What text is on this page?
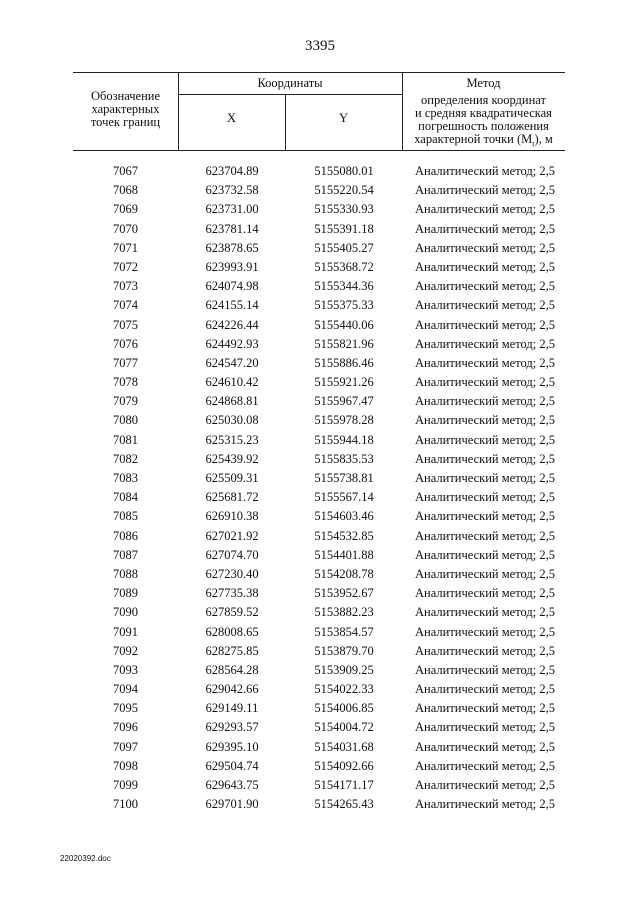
3395
Обозначение
характерных
точек границ
Координаты
X	Y
Метод
определения координат
и средняя квадратическая
погрешность положения
характерной точки $(M_t)$, м
7067	623704.89	5155080.01	Аналитический метод; 2,5
7068	623732.58	5155220.54	Аналитический метод; 2,5
7069	623731.00	5155330.93	Аналитический метод; 2,5
7070	623781.14	5155391.18	Аналитический метод; 2,5
7071	623878.65	5155405.27	Аналитический метод; 2,5
7072	623993.91	5155368.72	Аналитический метод; 2,5
7073	624074.98	5155344.36	Аналитический метод; 2,5
7074	624155.14	5155375.33	Аналитический метод; 2,5
7075	624226.44	5155440.06	Аналитический метод; 2,5
7076	624492.93	5155821.96	Аналитический метод; 2,5
7077	624547.20	5155886.46	Аналитический метод; 2,5
7078	624610.42	5155921.26	Аналитический метод; 2,5
7079	624868.81	5155967.47	Аналитический метод; 2,5
7080	625030.08	5155978.28	Аналитический метод; 2,5
7081	625315.23	5155944.18	Аналитический метод; 2,5
7082	625439.92	5155835.53	Аналитический метод; 2,5
7083	625509.31	5155738.81	Аналитический метод; 2,5
7084	625681.72	5155567.14	Аналитический метод; 2,5
7085	626910.38	5154603.46	Аналитический метод; 2,5
7086	627021.92	5154532.85	Аналитический метод; 2,5
7087	627074.70	5154401.88	Аналитический метод; 2,5
7088	627230.40	5154208.78	Аналитический метод; 2,5
7089	627735.38	5153952.67	Аналитический метод; 2,5
7090	627859.52	5153882.23	Аналитический метод; 2,5
7091	628008.65	5153854.57	Аналитический метод; 2,5
7092	628275.85	5153879.70	Аналитический метод; 2,5
7093	628564.28	5153909.25	Аналитический метод; 2,5
7094	629042.66	5154022.33	Аналитический метод; 2,5
7095	629149.11	5154006.85	Аналитический метод; 2,5
7096	629293.57	5154004.72	Аналитический метод; 2,5
7097	629395.10	5154031.68	Аналитический метод; 2,5
7098	629504.74	5154092.66	Аналитический метод; 2,5
7099	629643.75	5154171.17	Аналитический метод; 2,5
7100	629701.90	5154265.43	Аналитический метод; 2,5
22020392.doc
